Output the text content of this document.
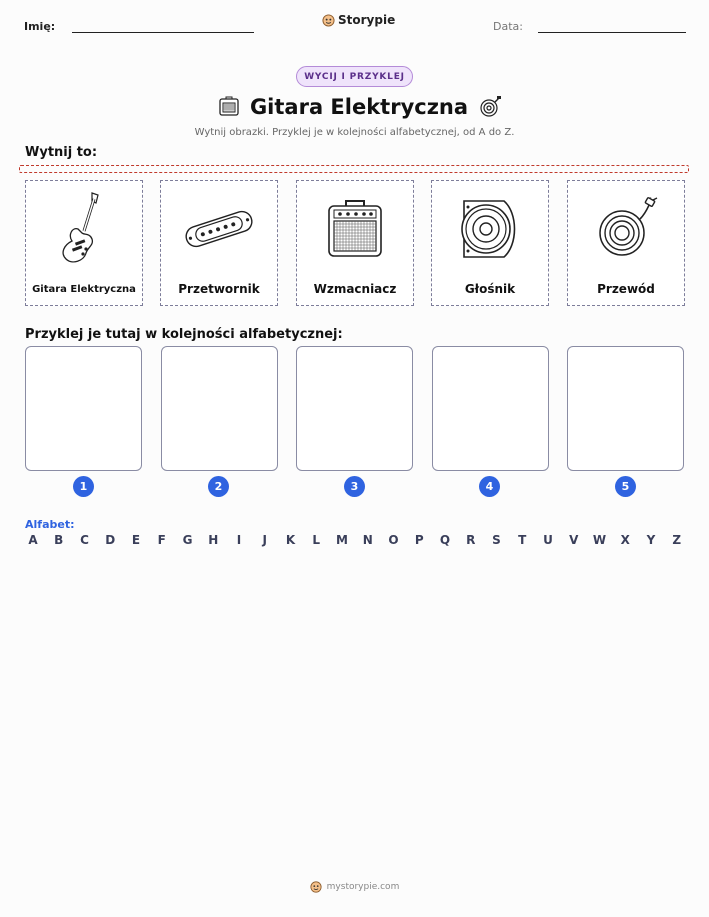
Imię:	Storypie	Data:
WYCIJ I PRZYKLEJ
Gitara Elektryczna
Wytnij obrazki. Przyklej je w kolejności alfabetycznej, od A do Z.
Wytnij to:
Gitara Elektryczna	Przetwornik	Wzmacniacz	Głośnik	Przewód
Przyklej je tutaj w kolejności alfabetycznej:
1	2	3	4	5
Alfabet:
A B C D	E	F	G H	I	J	K	L	M N O P	Q R	S	T	U V W X	Y	Z
mystorypie.com
